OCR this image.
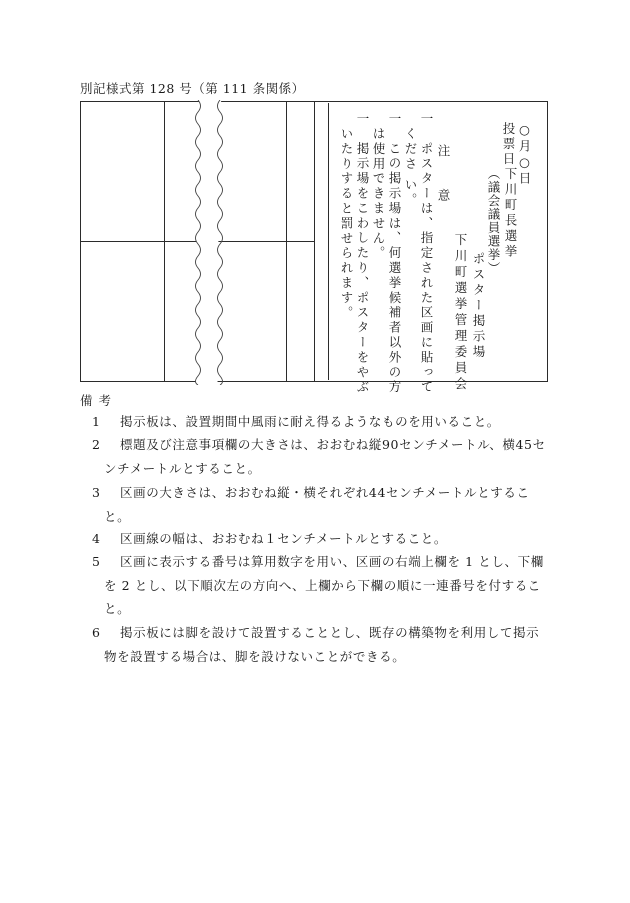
別記様式第 128 号（第 111 条関係）
投票日 ○月○日
下川町長選挙
（議会議員選挙）
ポスター掲示場
下川町選挙管理委員会
注　　意
一　ポスターは、指定された区画に貼って
くださ い。
一　この掲示場は、何選挙候補者以外の方
は使用できません。
一　掲示場をこわしたり、ポスターをやぶ
いたりすると罰せられます。
備 考
1 掲示板は、設置期間中風雨に耐え得るようなものを用いること。
2 標題及び注意事項欄の大きさは、おおむね縦90センチメートル、横45センチメートルとすること。
3 区画の大きさは、おおむね縦・横それぞれ44センチメートルとすること。
4 区画線の幅は、おおむね１センチメートルとすること。
5 区画に表示する番号は算用数字を用い、区画の右端上欄を 1 とし、下欄を 2 とし、以下順次左の方向へ、上欄から下欄の順に一連番号を付すること。
6 掲示板には脚を設けて設置することとし、既存の構築物を利用して掲示物を設置する場合は、脚を設けないことができる。
